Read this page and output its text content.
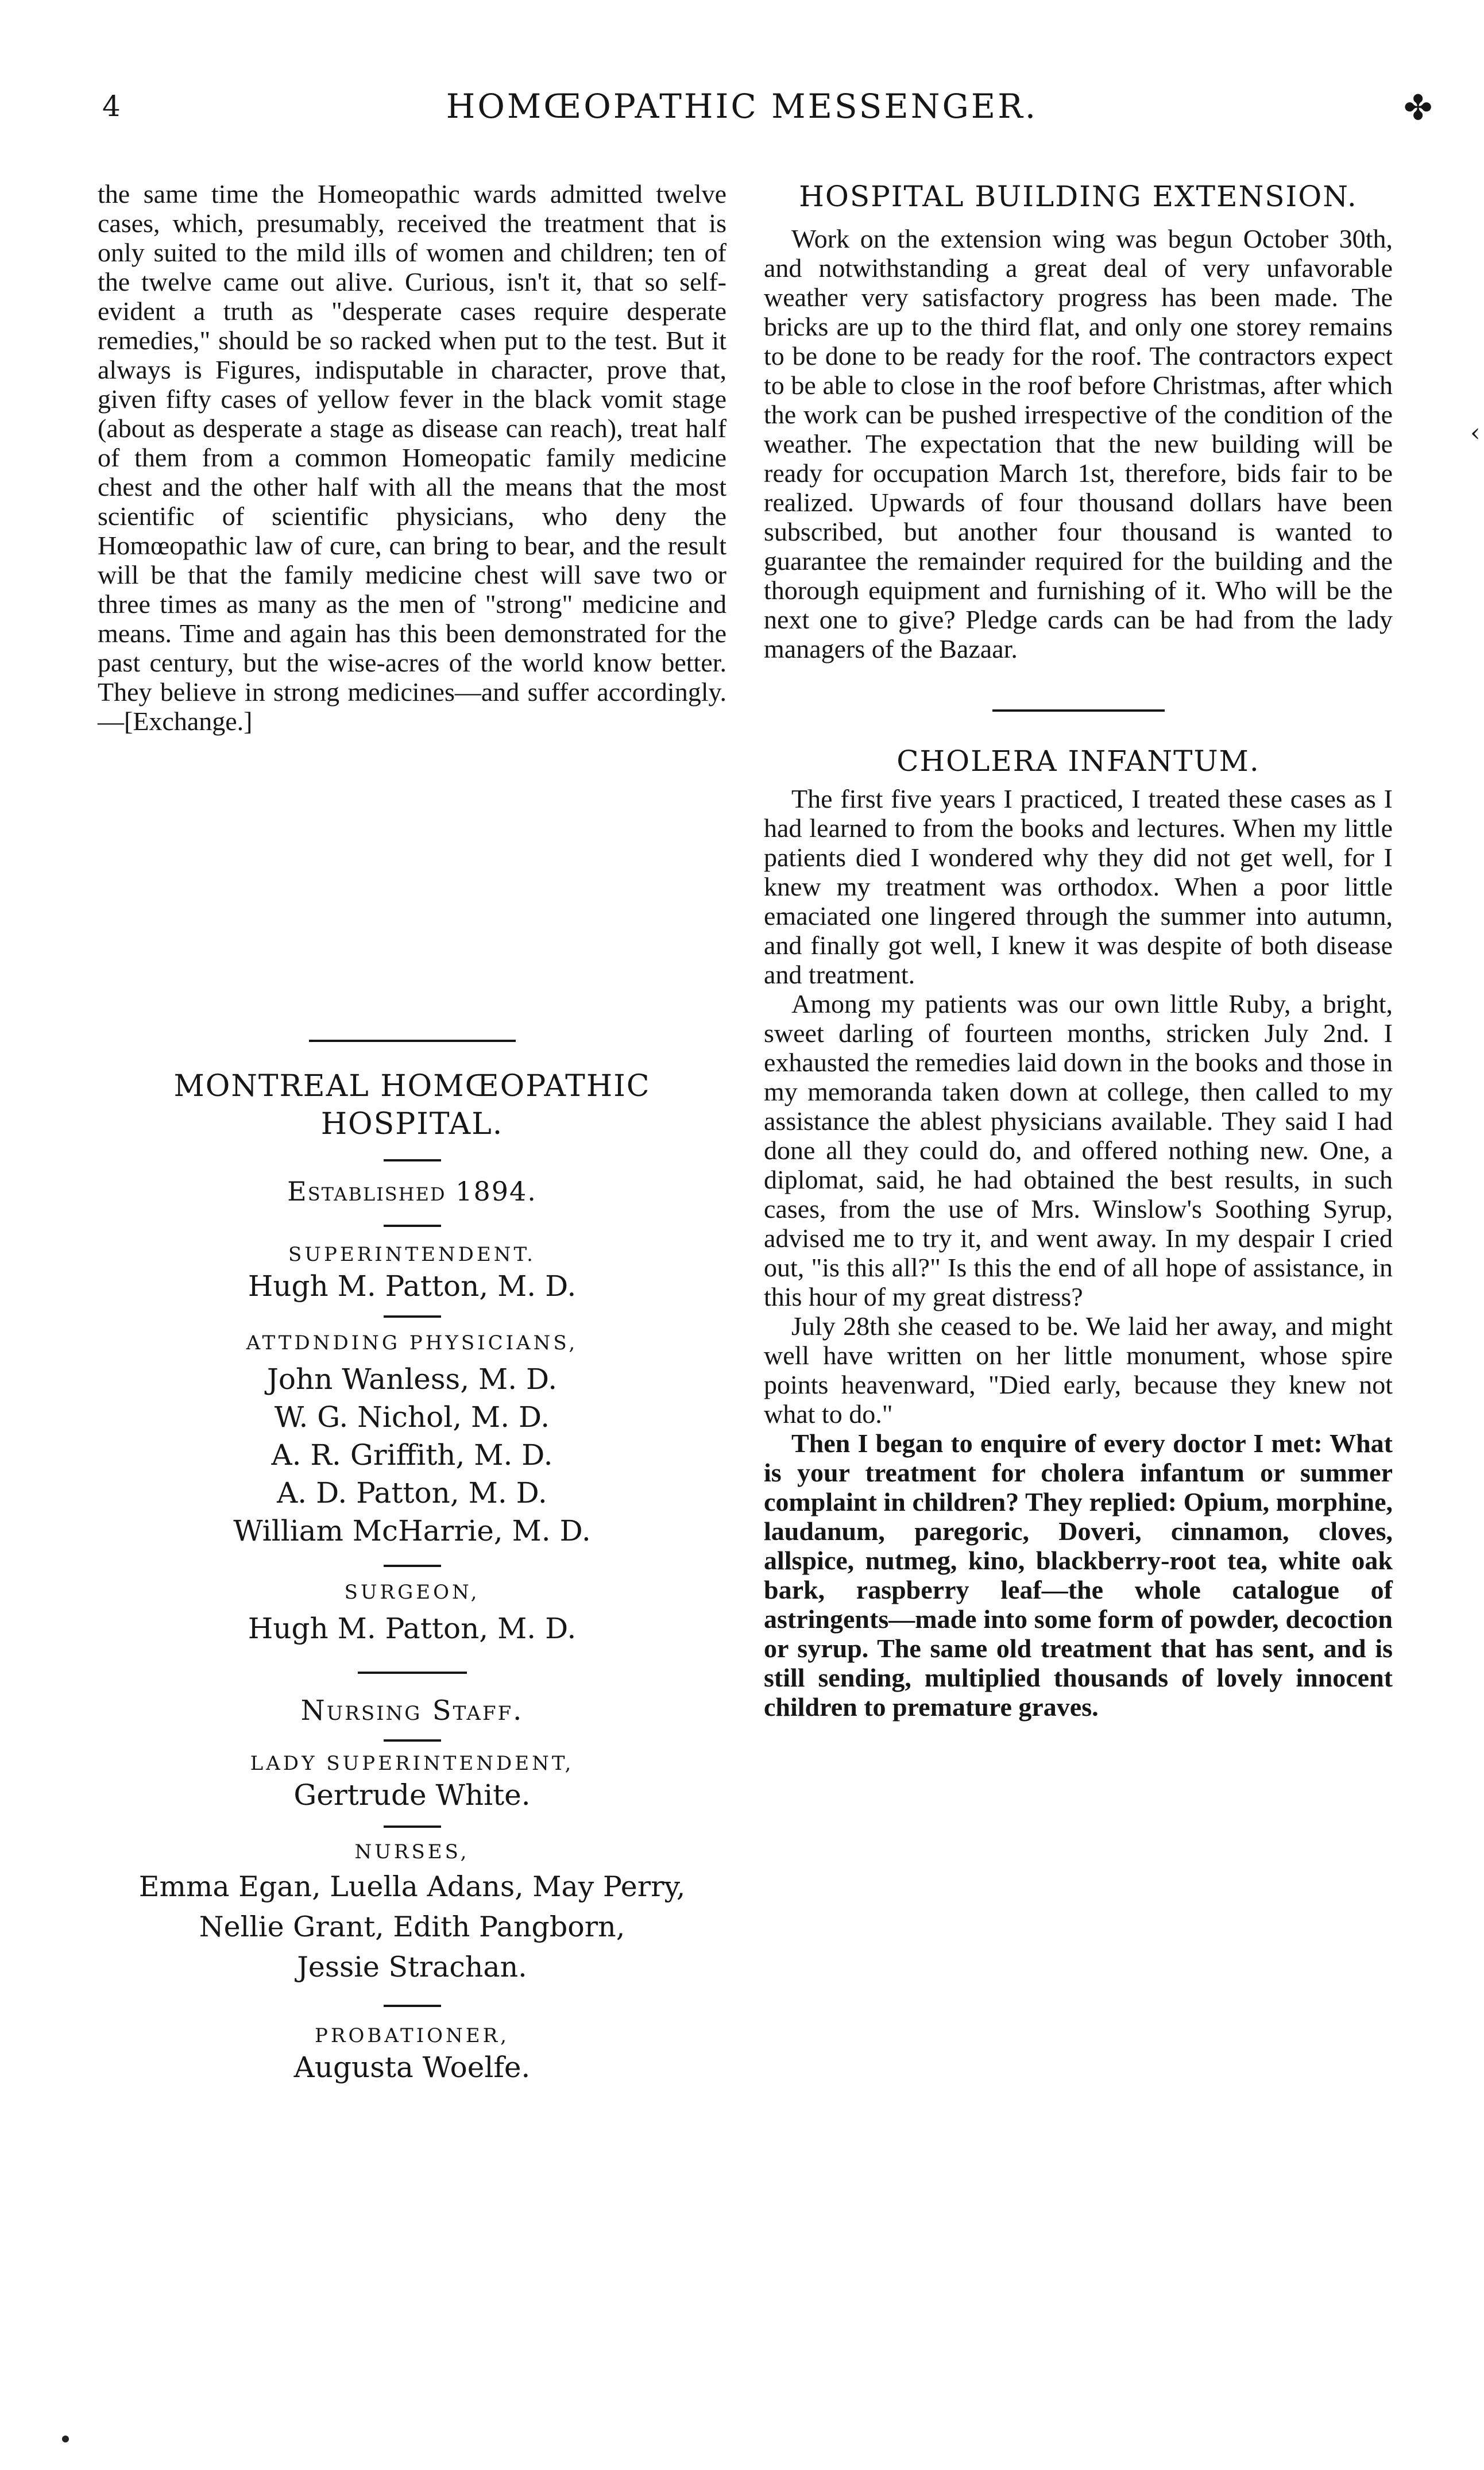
4	HOMŒOPATHIC MESSENGER.	✤
‹

the same time the Homeopathic wards admitted twelve cases, which, presumably, received the treatment that is only suited to the mild ills of women and children; ten of the twelve came out alive. Curious, isn't it, that so self-evident a truth as "desperate cases require desperate remedies," should be so racked when put to the test. But it always is Figures, indisputable in character, prove that, given fifty cases of yellow fever in the black vomit stage (about as desperate a stage as disease can reach), treat half of them from a common Homeopatic family medicine chest and the other half with all the means that the most scientific of scientific physicians, who deny the Homœopathic law of cure, can bring to bear, and the result will be that the family medicine chest will save two or three times as many as the men of "strong" medicine and means. Time and again has this been demonstrated for the past century, but the wise-acres of the world know better. They believe in strong medicines—and suffer accordingly.—[Exchange.]

MONTREAL HOMŒOPATHIC
HOSPITAL.
Established 1894.
SUPERINTENDENT.
Hugh M. Patton, M. D.
ATTDNDING PHYSICIANS,
John Wanless, M. D.
W. G. Nichol, M. D.
A. R. Griffith, M. D.
A. D. Patton, M. D.
William McHarrie, M. D.
SURGEON,
Hugh M. Patton, M. D.
Nursing Staff.
LADY SUPERINTENDENT,
Gertrude White.
NURSES,
Emma Egan, Luella Adans, May Perry,
Nellie Grant, Edith Pangborn,
Jessie Strachan.
PROBATIONER,
Augusta Woelfe.
HOSPITAL BUILDING EXTENSION.

Work on the extension wing was begun October 30th, and notwithstanding a great deal of very unfavorable weather very satisfactory progress has been made. The bricks are up to the third flat, and only one storey remains to be done to be ready for the roof. The contractors expect to be able to close in the roof before Christmas, after which the work can be pushed irrespective of the condition of the weather. The expectation that the new building will be ready for occupation March 1st, therefore, bids fair to be realized. Upwards of four thousand dollars have been subscribed, but another four thousand is wanted to guarantee the remainder required for the building and the thorough equipment and furnishing of it. Who will be the next one to give? Pledge cards can be had from the lady managers of the Bazaar.

CHOLERA INFANTUM.

The first five years I practiced, I treated these cases as I had learned to from the books and lectures. When my little patients died I wondered why they did not get well, for I knew my treatment was orthodox. When a poor little emaciated one lingered through the summer into autumn, and finally got well, I knew it was despite of both disease and treatment.

Among my patients was our own little Ruby, a bright, sweet darling of fourteen months, stricken July 2nd. I exhausted the remedies laid down in the books and those in my memoranda taken down at college, then called to my assistance the ablest physicians available. They said I had done all they could do, and offered nothing new. One, a diplomat, said, he had obtained the best results, in such cases, from the use of Mrs. Winslow's Soothing Syrup, advised me to try it, and went away. In my despair I cried out, "is this all?" Is this the end of all hope of assistance, in this hour of my great distress?

July 28th she ceased to be. We laid her away, and might well have written on her little monument, whose spire points heavenward, "Died early, because they knew not what to do."

Then I began to enquire of every doctor I met: What is your treatment for cholera infantum or summer complaint in children? They replied: Opium, morphine, laudanum, paregoric, Doveri, cinnamon, cloves, allspice, nutmeg, kino, blackberry-root tea, white oak bark, raspberry leaf—the whole catalogue of astringents—made into some form of powder, decoction or syrup. The same old treatment that has sent, and is still sending, multiplied thousands of lovely innocent children to premature graves.
